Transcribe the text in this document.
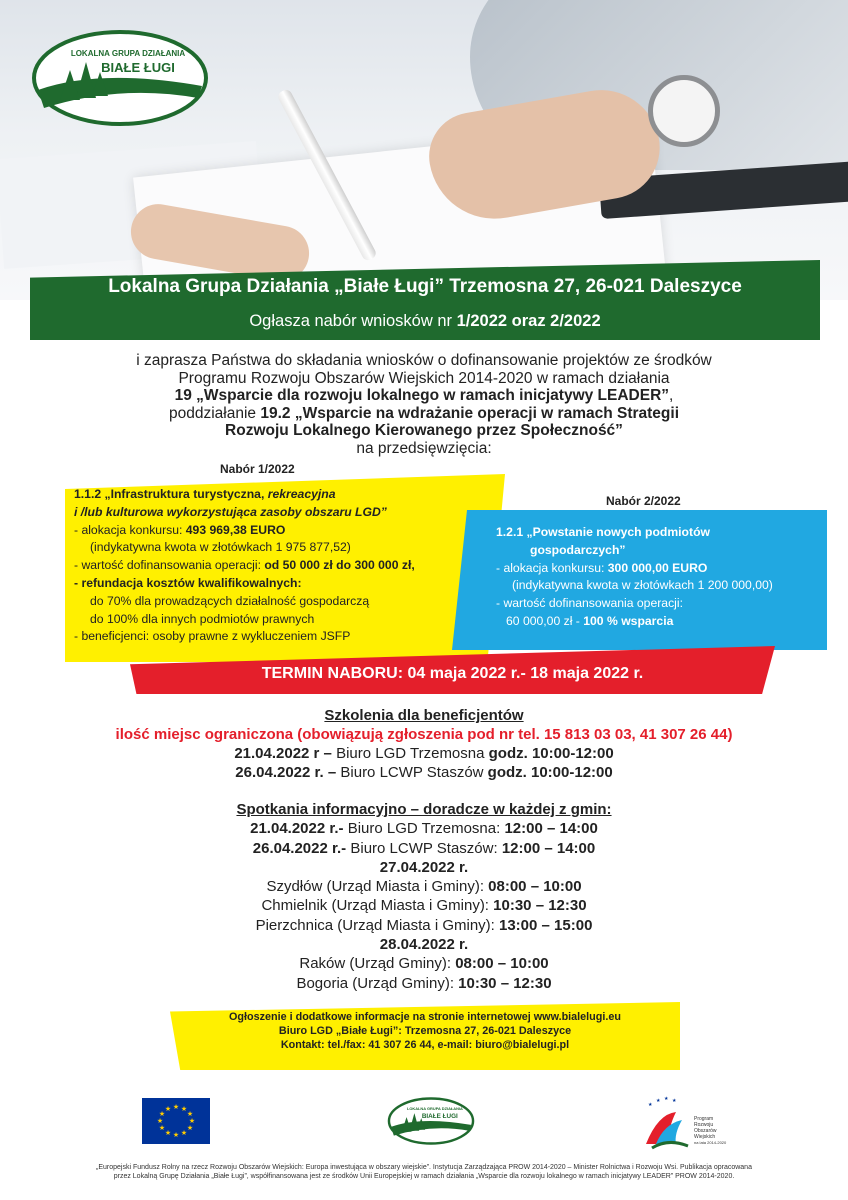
LOKALNA GRUPA DZIAŁANIA
BIAŁE ŁUGI
Lokalna Grupa Działania „Białe Ługi” Trzemosna 27, 26-021 Daleszyce
Ogłasza nabór wniosków nr 1/2022 oraz 2/2022
i zaprasza Państwa do składania wniosków o dofinansowanie projektów ze środków
Programu Rozwoju Obszarów Wiejskich 2014-2020 w ramach działania
19 „Wsparcie dla rozwoju lokalnego w ramach inicjatywy LEADER”,
poddziałanie 19.2 „Wsparcie na wdrażanie operacji w ramach Strategii
Rozwoju Lokalnego Kierowanego przez Społeczność”
na przedsięwzięcia:
Nabór 1/2022
1.1.2 „Infrastruktura turystyczna, rekreacyjna
i /lub kulturowa wykorzystująca zasoby obszaru LGD”
- alokacja konkursu: 493 969,38 EURO
(indykatywna kwota w złotówkach 1 975 877,52)
- wartość dofinansowania operacji: od 50 000 zł do 300 000 zł,
- refundacja kosztów kwalifikowalnych:
do 70% dla prowadzących działalność gospodarczą
do 100% dla innych podmiotów prawnych
- beneficjenci: osoby prawne z wykluczeniem JSFP
Nabór 2/2022
1.2.1 „Powstanie nowych podmiotów
gospodarczych”
- alokacja konkursu: 300 000,00 EURO
(indykatywna kwota w złotówkach 1 200 000,00)
- wartość dofinansowania operacji:
60 000,00 zł - 100 % wsparcia
TERMIN NABORU: 04 maja 2022 r.- 18 maja 2022 r.
Szkolenia dla beneficjentów
ilość miejsc ograniczona (obowiązują zgłoszenia pod nr tel. 15 813 03 03, 41 307 26 44)
21.04.2022 r – Biuro LGD Trzemosna godz. 10:00-12:00
26.04.2022 r. – Biuro LCWP Staszów godz. 10:00-12:00
Spotkania informacyjno – doradcze w każdej z gmin:
21.04.2022 r.- Biuro LGD Trzemosna: 12:00 – 14:00
26.04.2022 r.- Biuro LCWP Staszów: 12:00 – 14:00
27.04.2022 r.
Szydłów (Urząd Miasta i Gminy): 08:00 – 10:00
Chmielnik (Urząd Miasta i Gminy): 10:30 – 12:30
Pierzchnica (Urząd Miasta i Gminy): 13:00 – 15:00
28.04.2022 r.
Raków (Urząd Gminy): 08:00 – 10:00
Bogoria (Urząd Gminy): 10:30 – 12:30
Ogłoszenie i dodatkowe informacje na stronie internetowej www.bialelugi.eu
Biuro LGD „Białe Ługi”: Trzemosna 27, 26-021 Daleszyce
Kontakt: tel./fax: 41 307 26 44, e-mail: biuro@bialelugi.pl
★ ★
★
★
★
★
★
★
★
★
★
★	LOKALNA GRUPA DZIAŁANIA
BIAŁE ŁUGI
★
★ ★ ★
Program
Rozwoju
Obszarów
Wiejskich
na lata 2014-2020
„Europejski Fundusz Rolny na rzecz Rozwoju Obszarów Wiejskich: Europa inwestująca w obszary wiejskie”. Instytucja Zarządzająca PROW 2014-2020 – Minister Rolnictwa i Rozwoju Wsi. Publikacja opracowana
przez Lokalną Grupę Działania „Białe Ługi”, współfinansowana jest ze środków Unii Europejskiej w ramach działania „Wsparcie dla rozwoju lokalnego w ramach inicjatywy LEADER” PROW 2014-2020.
